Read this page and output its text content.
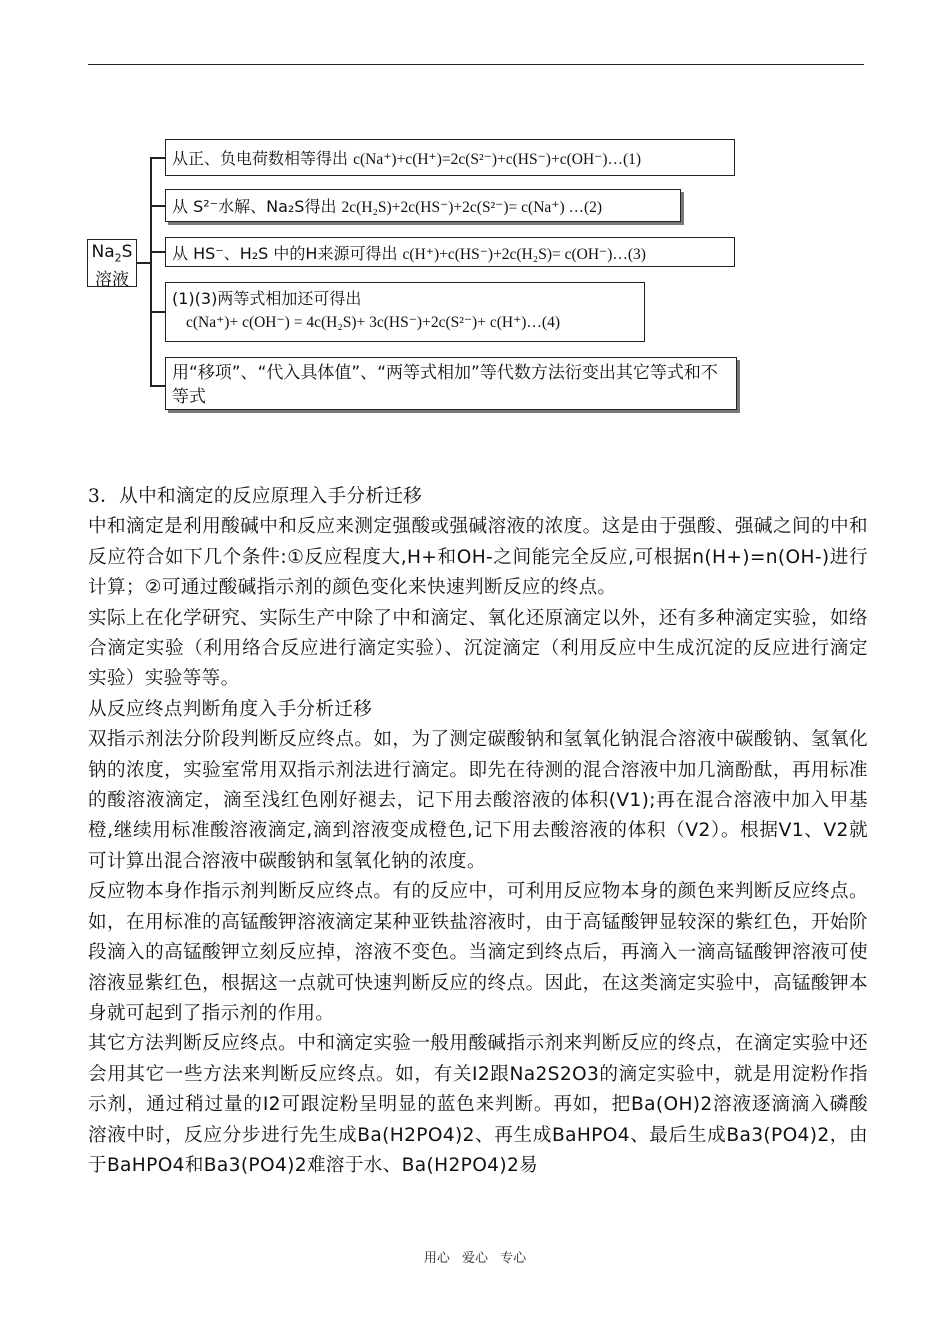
$Na_2S$
溶液
从正、负电荷数相等得出 c(Na⁺)+c(H⁺)=2c(S²⁻)+c(HS⁻)+c(OH⁻)…(1)
从 S²⁻水解、Na₂S得出 2c(H₂S)+2c(HS⁻)+2c(S²⁻)= c(Na⁺) …(2)
从 HS⁻、H₂S 中的H来源可得出 c(H⁺)+c(HS⁻)+2c(H₂S)= c(OH⁻)…(3)
(1)(3)两等式相加还可得出
c(Na⁺)+ c(OH⁻) = 4c(H₂S)+ 3c(HS⁻)+2c(S²⁻)+ c(H⁺)…(4)
用“移项”、“代入具体值”、“两等式相加”等代数方法衍变出其它等式和不等式

3．从中和滴定的反应原理入手分析迁移

中和滴定是利用酸碱中和反应来测定强酸或强碱溶液的浓度。这是由于强酸、强碱之间的中和反应符合如下几个条件:①反应程度大,H+和OH-之间能完全反应,可根据n(H+)=n(OH-)进行计算；②可通过酸碱指示剂的颜色变化来快速判断反应的终点。

实际上在化学研究、实际生产中除了中和滴定、氧化还原滴定以外，还有多种滴定实验，如络合滴定实验（利用络合反应进行滴定实验）、沉淀滴定（利用反应中生成沉淀的反应进行滴定实验）实验等等。

从反应终点判断角度入手分析迁移

双指示剂法分阶段判断反应终点。如，为了测定碳酸钠和氢氧化钠混合溶液中碳酸钠、氢氧化钠的浓度，实验室常用双指示剂法进行滴定。即先在待测的混合溶液中加几滴酚酞，再用标准的酸溶液滴定，滴至浅红色刚好褪去，记下用去酸溶液的体积(V1);再在混合溶液中加入甲基橙,继续用标准酸溶液滴定,滴到溶液变成橙色,记下用去酸溶液的体积（V2）。根据V1、V2就可计算出混合溶液中碳酸钠和氢氧化钠的浓度。

反应物本身作指示剂判断反应终点。有的反应中，可利用反应物本身的颜色来判断反应终点。如，在用标准的高锰酸钾溶液滴定某种亚铁盐溶液时，由于高锰酸钾显较深的紫红色，开始阶段滴入的高锰酸钾立刻反应掉，溶液不变色。当滴定到终点后，再滴入一滴高锰酸钾溶液可使溶液显紫红色，根据这一点就可快速判断反应的终点。因此，在这类滴定实验中，高锰酸钾本身就可起到了指示剂的作用。

其它方法判断反应终点。中和滴定实验一般用酸碱指示剂来判断反应的终点，在滴定实验中还会用其它一些方法来判断反应终点。如，有关I2跟Na2S2O3的滴定实验中，就是用淀粉作指示剂，通过稍过量的I2可跟淀粉呈明显的蓝色来判断。再如，把Ba(OH)2溶液逐滴滴入磷酸溶液中时，反应分步进行先生成Ba(H2PO4)2、再生成BaHPO4、最后生成Ba3(PO4)2，由于BaHPO4和Ba3(PO4)2难溶于水、Ba(H2PO4)2易

用心 爱心 专心
